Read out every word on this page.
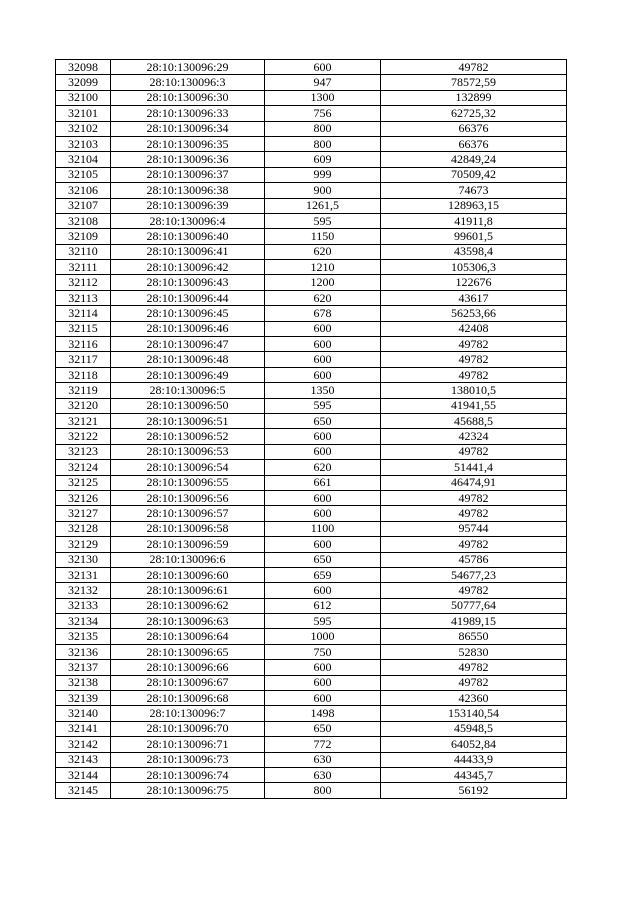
32098	28:10:130096:29	600	49782
32099	28:10:130096:3	947	78572,59
32100	28:10:130096:30	1300	132899
32101	28:10:130096:33	756	62725,32
32102	28:10:130096:34	800	66376
32103	28:10:130096:35	800	66376
32104	28:10:130096:36	609	42849,24
32105	28:10:130096:37	999	70509,42
32106	28:10:130096:38	900	74673
32107	28:10:130096:39	1261,5	128963,15
32108	28:10:130096:4	595	41911,8
32109	28:10:130096:40	1150	99601,5
32110	28:10:130096:41	620	43598,4
32111	28:10:130096:42	1210	105306,3
32112	28:10:130096:43	1200	122676
32113	28:10:130096:44	620	43617
32114	28:10:130096:45	678	56253,66
32115	28:10:130096:46	600	42408
32116	28:10:130096:47	600	49782
32117	28:10:130096:48	600	49782
32118	28:10:130096:49	600	49782
32119	28:10:130096:5	1350	138010,5
32120	28:10:130096:50	595	41941,55
32121	28:10:130096:51	650	45688,5
32122	28:10:130096:52	600	42324
32123	28:10:130096:53	600	49782
32124	28:10:130096:54	620	51441,4
32125	28:10:130096:55	661	46474,91
32126	28:10:130096:56	600	49782
32127	28:10:130096:57	600	49782
32128	28:10:130096:58	1100	95744
32129	28:10:130096:59	600	49782
32130	28:10:130096:6	650	45786
32131	28:10:130096:60	659	54677,23
32132	28:10:130096:61	600	49782
32133	28:10:130096:62	612	50777,64
32134	28:10:130096:63	595	41989,15
32135	28:10:130096:64	1000	86550
32136	28:10:130096:65	750	52830
32137	28:10:130096:66	600	49782
32138	28:10:130096:67	600	49782
32139	28:10:130096:68	600	42360
32140	28:10:130096:7	1498	153140,54
32141	28:10:130096:70	650	45948,5
32142	28:10:130096:71	772	64052,84
32143	28:10:130096:73	630	44433,9
32144	28:10:130096:74	630	44345,7
32145	28:10:130096:75	800	56192
